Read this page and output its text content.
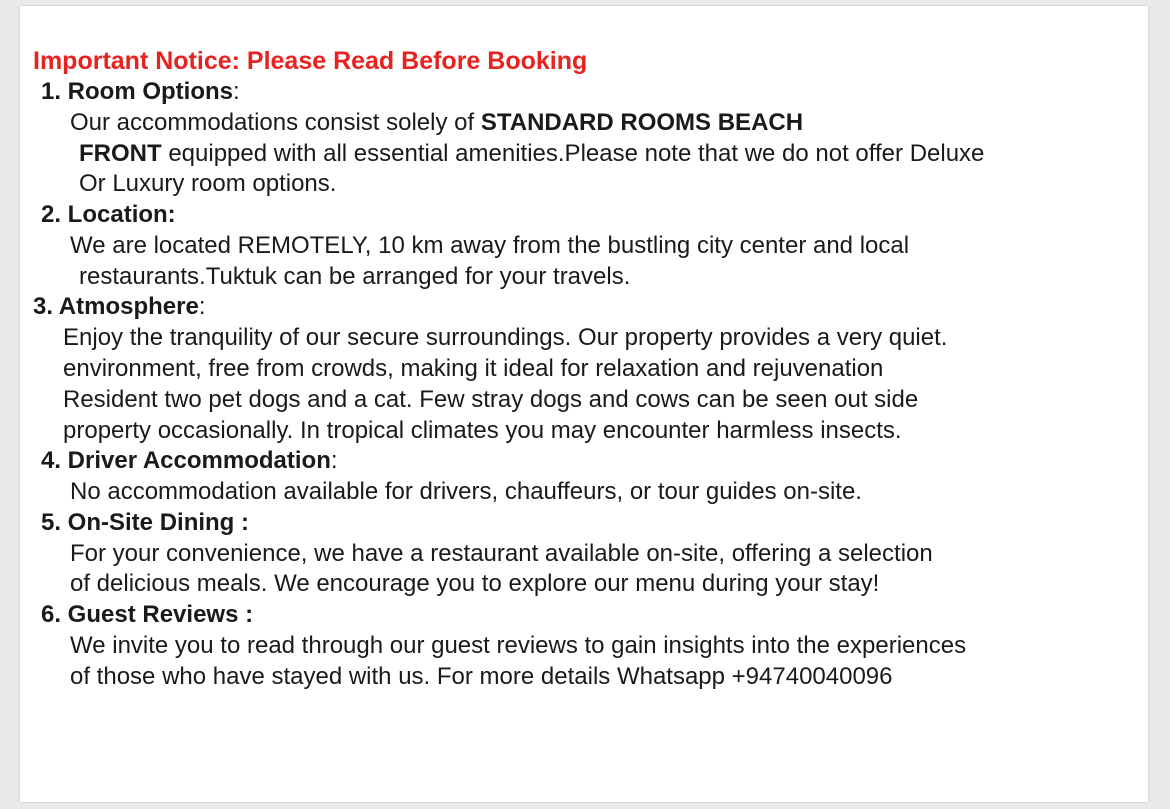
Important Notice: Please Read Before Booking
1. Room Options:
Our accommodations consist solely of STANDARD ROOMS BEACH
FRONT equipped with all essential amenities.Please note that we do not offer Deluxe
Or Luxury room options.
2. Location:
We are located REMOTELY, 10 km away from the bustling city center and local
restaurants.Tuktuk can be arranged for your travels.
3. Atmosphere:
Enjoy the tranquility of our secure surroundings. Our property provides a very quiet.
environment, free from crowds, making it ideal for relaxation and rejuvenation
Resident two pet dogs and a cat. Few stray dogs and cows can be seen out side
property occasionally. In tropical climates you may encounter harmless insects.
4. Driver Accommodation:
No accommodation available for drivers, chauffeurs, or tour guides on-site.
5. On-Site Dining :
For your convenience, we have a restaurant available on-site, offering a selection
of delicious meals. We encourage you to explore our menu during your stay!
6. Guest Reviews :
We invite you to read through our guest reviews to gain insights into the experiences
of those who have stayed with us. For more details Whatsapp +94740040096
